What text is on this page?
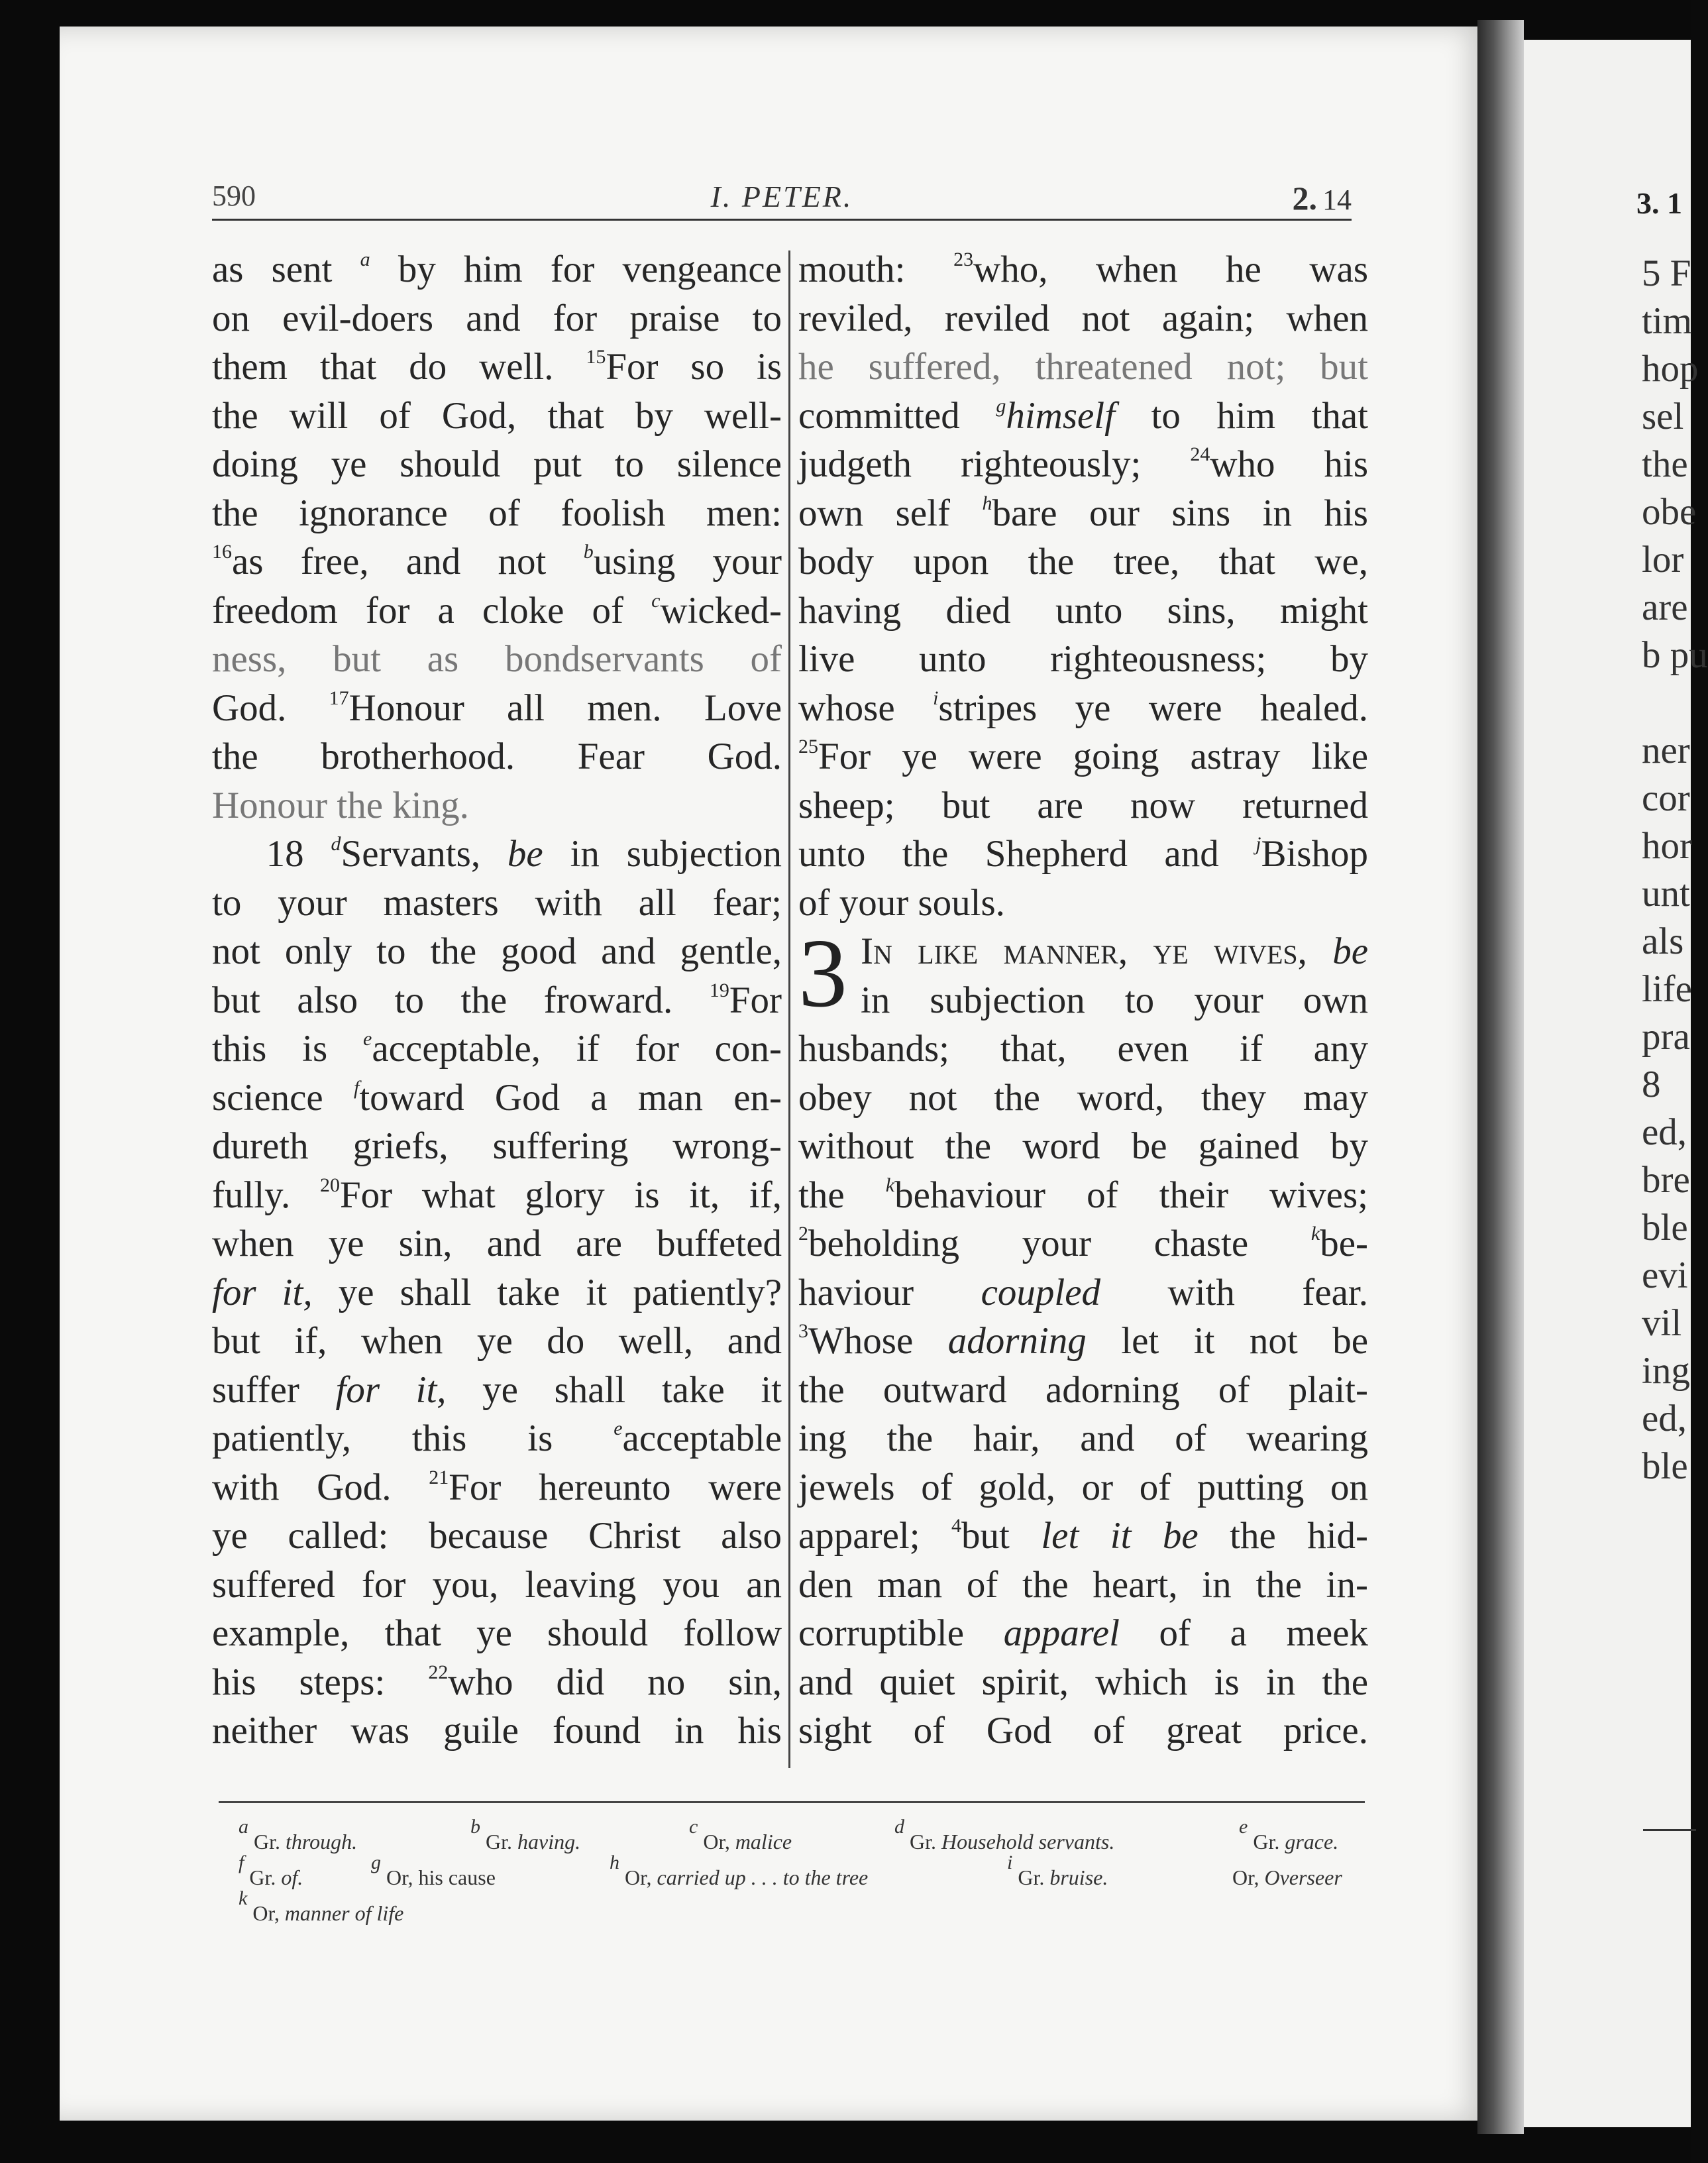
3. 1
5 F
tim
hop
sel
the
obe
lor
are
b pu
ner
cor
hor
unt
als
life
pra
8
ed,
bre
ble
evi
vil
ing
ed,
ble
590	I. PETER.	2. 14
as sent $^a$ by him for vengeance
on evil-doers and for praise to
them that do well. $^{15}$For so is
the will of God, that by well-
doing ye should put to silence
the ignorance of foolish men:
$^{16}$as free, and not $^b$using your
freedom for a cloke of $^c$wicked-
ness, but as bondservants of
God. $^{17}$Honour all men. Love
the brotherhood. Fear God.
Honour the king.
18 $^d$Servants, be in subjection
to your masters with all fear;
not only to the good and gentle,
but also to the froward. $^{19}$For
this is $^e$acceptable, if for con-
science $^f$toward God a man en-
dureth griefs, suffering wrong-
fully. $^{20}$For what glory is it, if,
when ye sin, and are buffeted
for it, ye shall take it patiently?
but if, when ye do well, and
suffer for it, ye shall take it
patiently, this is	$^e$acceptable
with God. $^{21}$For hereunto were
ye called: because Christ also
suffered for you, leaving you an
example, that ye should follow
his steps: $^{22}$who did no sin,
neither was guile found in his
mouth: $^{23}$who, when he was
reviled, reviled not again; when
he suffered, threatened not; but
committed $^g$himself to him that
judgeth righteously; $^{24}$who his
own self $^h$bare our sins in his
body upon the tree, that we,
having died unto sins, might
live unto righteousness; by
whose $^i$stripes ye were healed.
$^{25}$For ye were going astray like
sheep; but are now returned
unto the Shepherd and $^j$Bishop
of your souls.
3 In like manner, ye wives, be
in subjection to your own
husbands; that, even if any
obey not the word, they may
without the word be gained by
the $^k$behaviour of their wives;
$^2$beholding your chaste	$^k$be-
haviour coupled with fear.
$^3$Whose adorning let it not be
the outward adorning of plait-
ing the hair, and of wearing
jewels of gold, or of putting on
apparel; $^4$but let it be the hid-
den man of the heart, in the in-
corruptible apparel of a meek
and quiet spirit, which is in the
sight of God of great price.
$^a$ Gr. through.
$^b$ Gr. having.
$^c$ Or, malice
$^d$ Gr. Household servants.
$^e$ Gr. grace.
$^f$ Gr. of.
$^g$ Or, his cause
$^h$ Or, carried up . . . to the tree
$^i$ Gr. bruise.	Or, Overseer
$^k$ Or, manner of life
